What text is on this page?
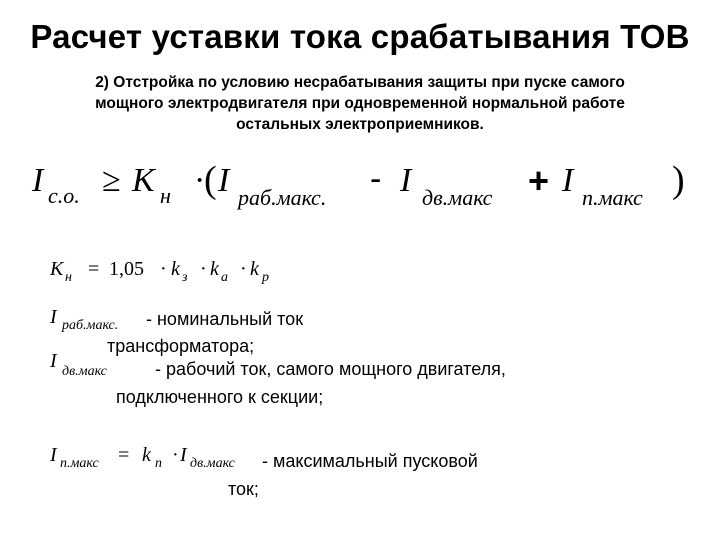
Расчет уставки тока срабатывания ТОВ
2) Отстройка по условию несрабатывания защиты при пуске самого
мощного электродвигателя при одновременной нормальной работе
остальных электроприемников.
I с.о. ≥ K н ·
( I раб.макс. - I дв.макс + I п.макс )
K н = 1,05 · k з · k а · k р
I раб.макс. - номинальный ток
трансформатора;
I дв.макс	- рабочий ток, самого мощного двигателя,
подключенного к секции;
I п.макс = k п · I дв.макс - максимальный пусковой
ток;
